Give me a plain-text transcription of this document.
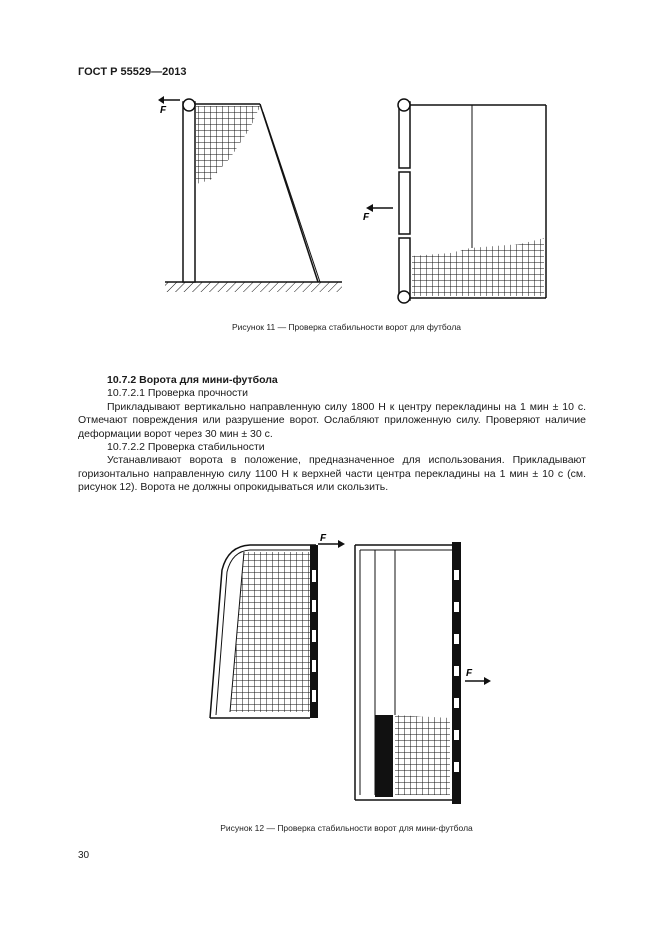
ГОСТ Р 55529—2013
F
F
Рисунок 11 — Проверка стабильности ворот для футбола

10.7.2 Ворота для мини-футбола

10.7.2.1 Проверка прочности

Прикладывают вертикально направленную силу 1800 Н к центру перекладины на 1 мин ± 10 с. Отмечают повреждения или разрушение ворот. Ослабляют приложенную силу. Проверяют наличие деформации ворот через 30 мин ± 30 с.

10.7.2.2 Проверка стабильности

Устанавливают ворота в положение, предназначенное для использования. Прикладывают горизонтально направленную силу 1100 Н к верхней части центра перекладины на 1 мин ± 10 с (см. рисунок 12). Ворота не должны опрокидываться или скользить.

F
F
Рисунок 12 — Проверка стабильности ворот для мини-футбола
30
